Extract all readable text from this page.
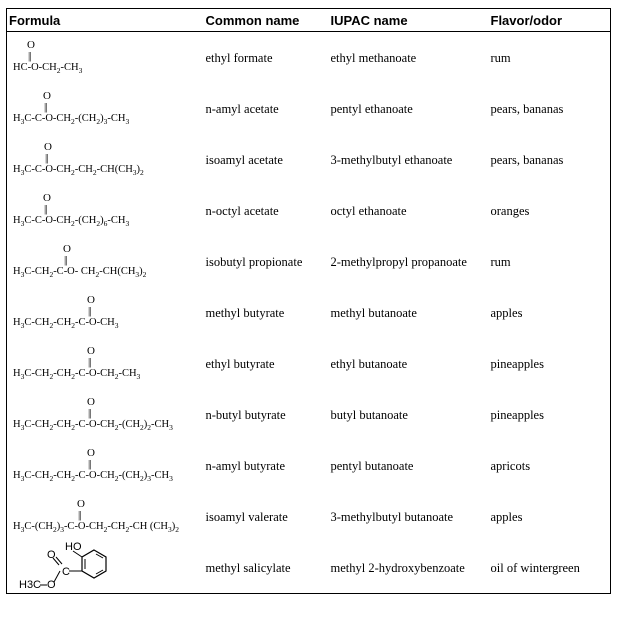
Formula	Common name	IUPAC name	Flavor/odor

O
||
$HC-O-CH_2-CH_3$	ethyl formate	ethyl methanoate	rum

O
||
$H_3C-C-O-CH_2-(CH_2)_3-CH_3$	n-amyl acetate	pentyl ethanoate	pears, bananas

O
||
$H_3C-C-O-CH_2-CH_2-CH(CH_3)_2$	isoamyl acetate	3-methylbutyl ethanoate	pears, bananas

O
||
$H_3C-C-O-CH_2-(CH_2)_6-CH_3$	n-octyl acetate	octyl ethanoate	oranges

O
||
$H_3C-CH_2-C-O-$ $CH_2-CH(CH_3)_2$	isobutyl propionate	2-methylpropyl propanoate	rum

O
||
$H_3C-CH_2-CH_2-C-O-CH_3$	methyl butyrate	methyl butanoate	apples

O
||
$H_3C-CH_2-CH_2-C-O-CH_2-CH_3$	ethyl butyrate	ethyl butanoate	pineapples

O
||
$H_3C-CH_2-CH_2-C-O-CH_2-(CH_2)_2-CH_3$	n-butyl butyrate	butyl butanoate	pineapples

O
||
$H_3C-CH_2-CH_2-C-O-CH_2-(CH_2)_3-CH_3$	n-amyl butyrate	pentyl butanoate	apricots

O
||
$H_3C-(CH_2)_3-C-O-CH_2-CH_2-CH$ $(CH_3)_2$	isoamyl valerate	3-methylbutyl butanoate	apples

HO
O
C
O
H3C	methyl salicylate	methyl 2-hydroxybenzoate	oil of wintergreen
